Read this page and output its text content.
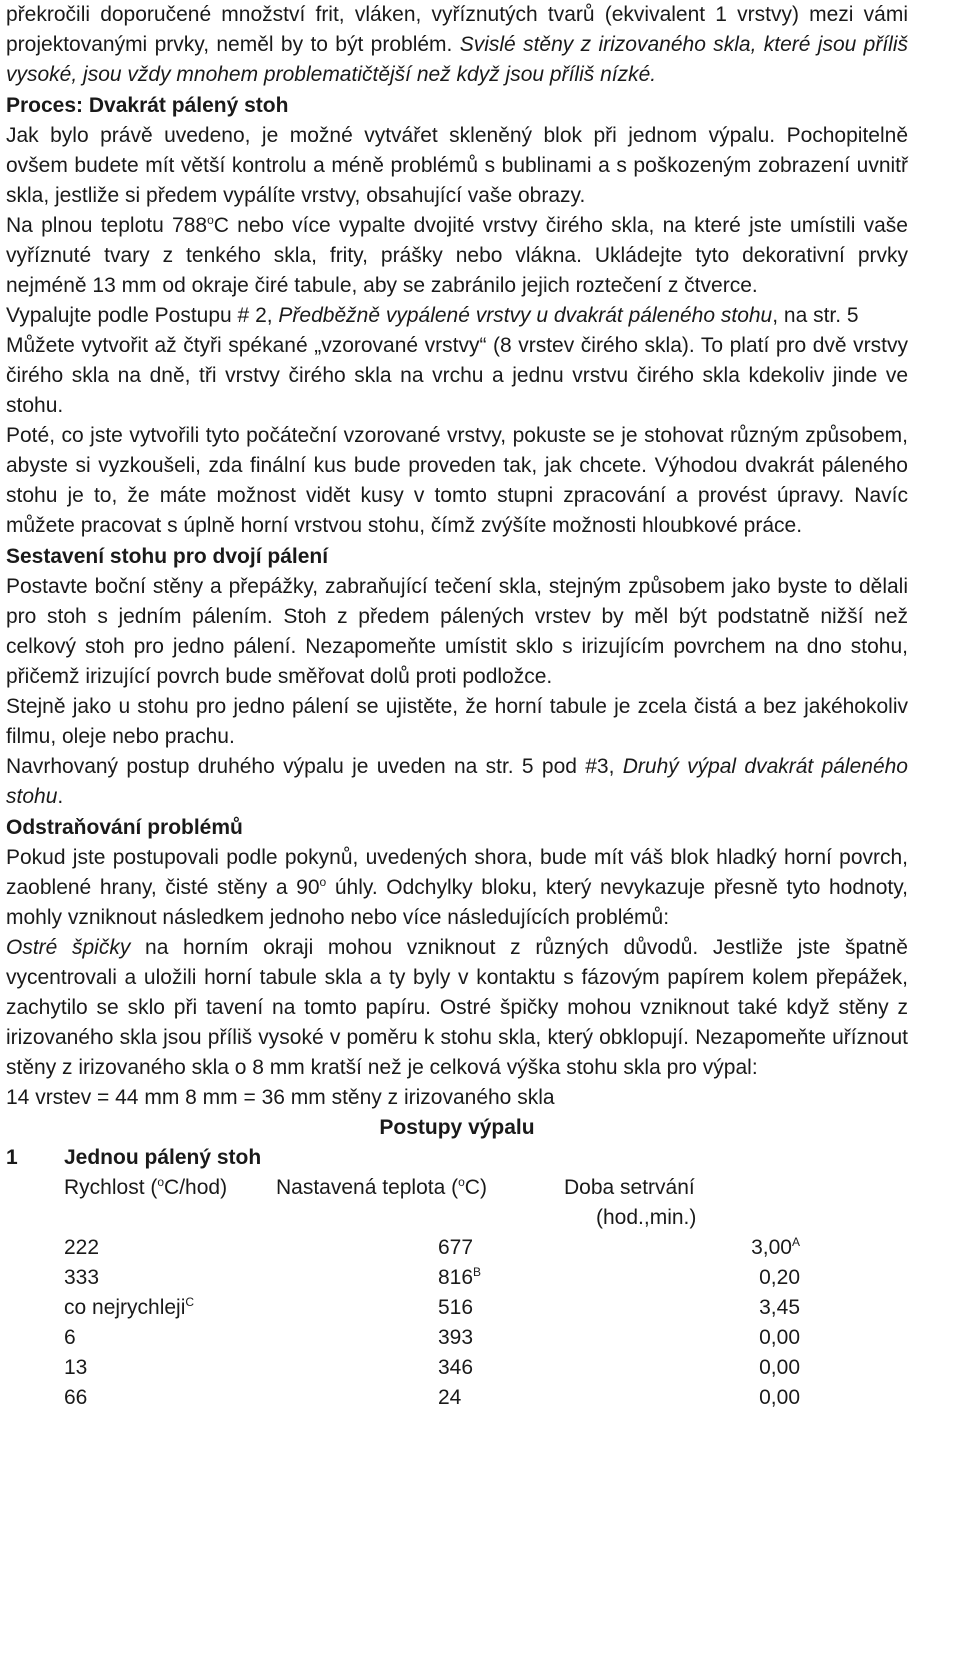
překročili doporučené množství frit, vláken, vyříznutých tvarů (ekvivalent 1 vrstvy) mezi vámi projektovanými prvky, neměl by to být problém. Svislé stěny z irizovaného skla, které jsou příliš vysoké, jsou vždy mnohem problematičtější než když jsou příliš nízké.

Proces: Dvakrát pálený stoh

Jak bylo právě uvedeno, je možné vytvářet skleněný blok při jednom výpalu. Pochopitelně ovšem budete mít větší kontrolu a méně problémů s bublinami a s poškozeným zobrazení uvnitř skla, jestliže si předem vypálíte vrstvy, obsahující vaše obrazy.

Na plnou teplotu 788$^o$C nebo více vypalte dvojité vrstvy čirého skla, na které jste umístili vaše vyříznuté tvary z tenkého skla, frity, prášky nebo vlákna. Ukládejte tyto dekorativní prvky nejméně 13 mm od okraje čiré tabule, aby se zabránilo jejich roztečení z čtverce.

Vypalujte podle Postupu # 2, Předběžně vypálené vrstvy u dvakrát páleného stohu, na str. 5

Můžete vytvořit až čtyři spékané „vzorované vrstvy“ (8 vrstev čirého skla). To platí pro dvě vrstvy čirého skla na dně, tři vrstvy čirého skla na vrchu a jednu vrstvu čirého skla kdekoliv jinde ve stohu.

Poté, co jste vytvořili tyto počáteční vzorované vrstvy, pokuste se je stohovat různým způsobem, abyste si vyzkoušeli, zda finální kus bude proveden tak, jak chcete. Výhodou dvakrát páleného stohu je to, že máte možnost vidět kusy v tomto stupni zpracování a provést úpravy. Navíc můžete pracovat s úplně horní vrstvou stohu, čímž zvýšíte možnosti hloubkové práce.

Sestavení stohu pro dvojí pálení

Postavte boční stěny a přepážky, zabraňující tečení skla, stejným způsobem jako byste to dělali pro stoh s jedním pálením. Stoh z předem pálených vrstev by měl být podstatně nižší než celkový stoh pro jedno pálení. Nezapomeňte umístit sklo s irizujícím povrchem na dno stohu, přičemž irizující povrch bude směřovat dolů proti podložce.

Stejně jako u stohu pro jedno pálení se ujistěte, že horní tabule je zcela čistá a bez jakéhokoliv filmu, oleje nebo prachu.

Navrhovaný postup druhého výpalu je uveden na str. 5 pod #3, Druhý výpal dvakrát páleného stohu.

Odstraňování problémů

Pokud jste postupovali podle pokynů, uvedených shora, bude mít váš blok hladký horní povrch, zaoblené hrany, čisté stěny a 90$^o$ úhly. Odchylky bloku, který nevykazuje přesně tyto hodnoty, mohly vzniknout následkem jednoho nebo více následujících problémů:

Ostré špičky na horním okraji mohou vzniknout z různých důvodů. Jestliže jste špatně vycentrovali a uložili horní tabule skla a ty byly v kontaktu s fázovým papírem kolem přepážek, zachytilo se sklo při tavení na tomto papíru. Ostré špičky mohou vzniknout také když stěny z irizovaného skla jsou příliš vysoké v poměru k stohu skla, který obklopují. Nezapomeňte uříznout stěny z irizovaného skla o 8 mm kratší než je celková výška stohu skla pro výpal:

14 vrstev = 44 mm 8 mm = 36 mm stěny z irizovaného skla

Postupy výpalu

1 Jednou pálený stoh
Rychlost ($^o$C/hod) Nastavená teplota ($^o$C)	Doba setrvání
(hod.,min.)
222	677	$3,00^A$
333	$816^B$	0,20
co nejrychleji$^C$	516	3,45
6	393	0,00
13	346	0,00
66	24	0,00
